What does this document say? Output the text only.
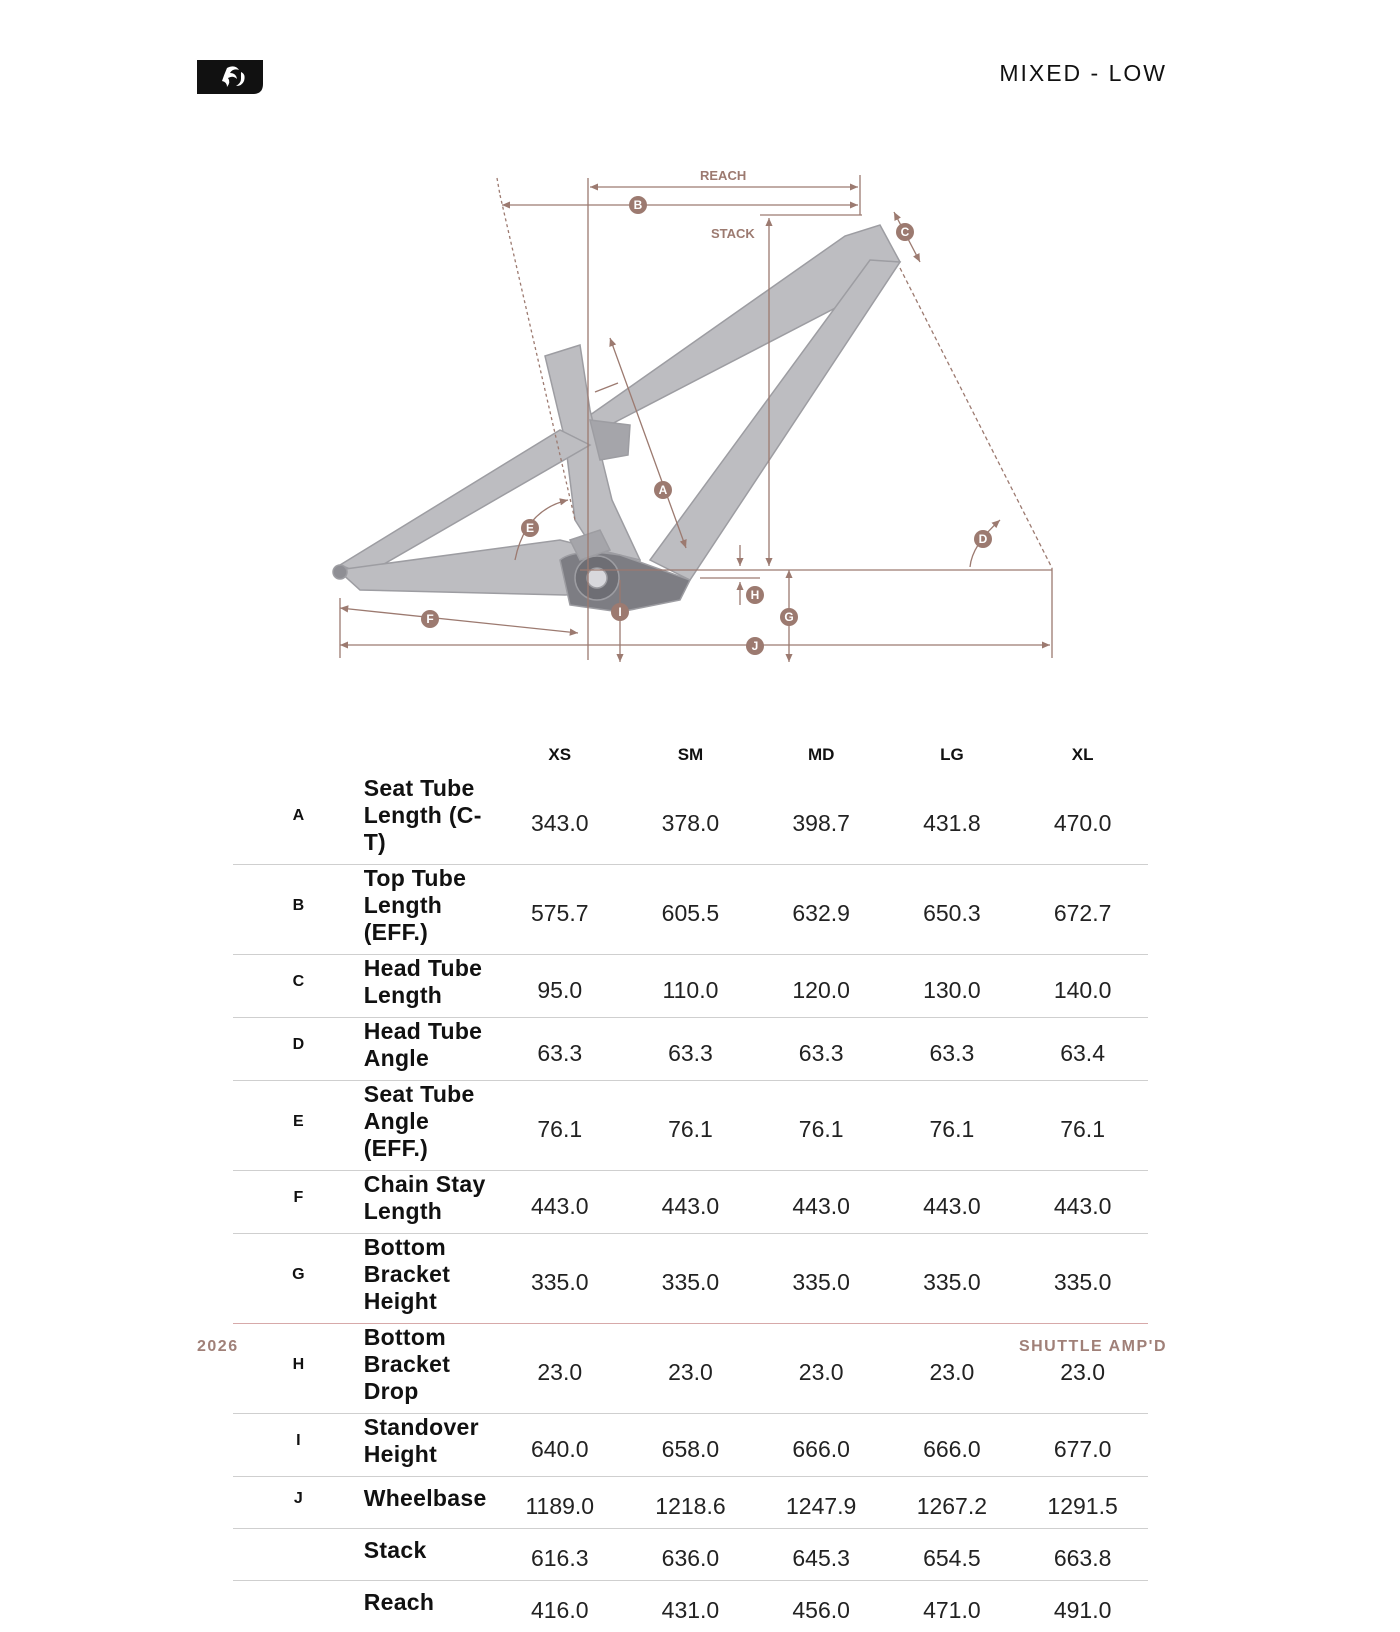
MIXED - LOW
REACH
STACK
A
B
C
D
E
F	G
H
I
J
		XS	SM	MD	LG	XL
A	Seat Tube Length (C-T)	343.0	378.0	398.7	431.8	470.0
B	Top Tube Length (EFF.)	575.7	605.5	632.9	650.3	672.7
C	Head Tube Length	95.0	110.0	120.0	130.0	140.0
D	Head Tube Angle	63.3	63.3	63.3	63.3	63.4
E	Seat Tube Angle (EFF.)	76.1	76.1	76.1	76.1	76.1
F	Chain Stay Length	443.0	443.0	443.0	443.0	443.0
G	Bottom Bracket Height	335.0	335.0	335.0	335.0	335.0
H	Bottom Bracket Drop	23.0	23.0	23.0	23.0	23.0
I	Standover Height	640.0	658.0	666.0	666.0	677.0
J	Wheelbase	1189.0	1218.6	1247.9	1267.2	1291.5
	Stack	616.3	636.0	645.3	654.5	663.8
	Reach	416.0	431.0	456.0	471.0	491.0
2026	SHUTTLE AMP'D
